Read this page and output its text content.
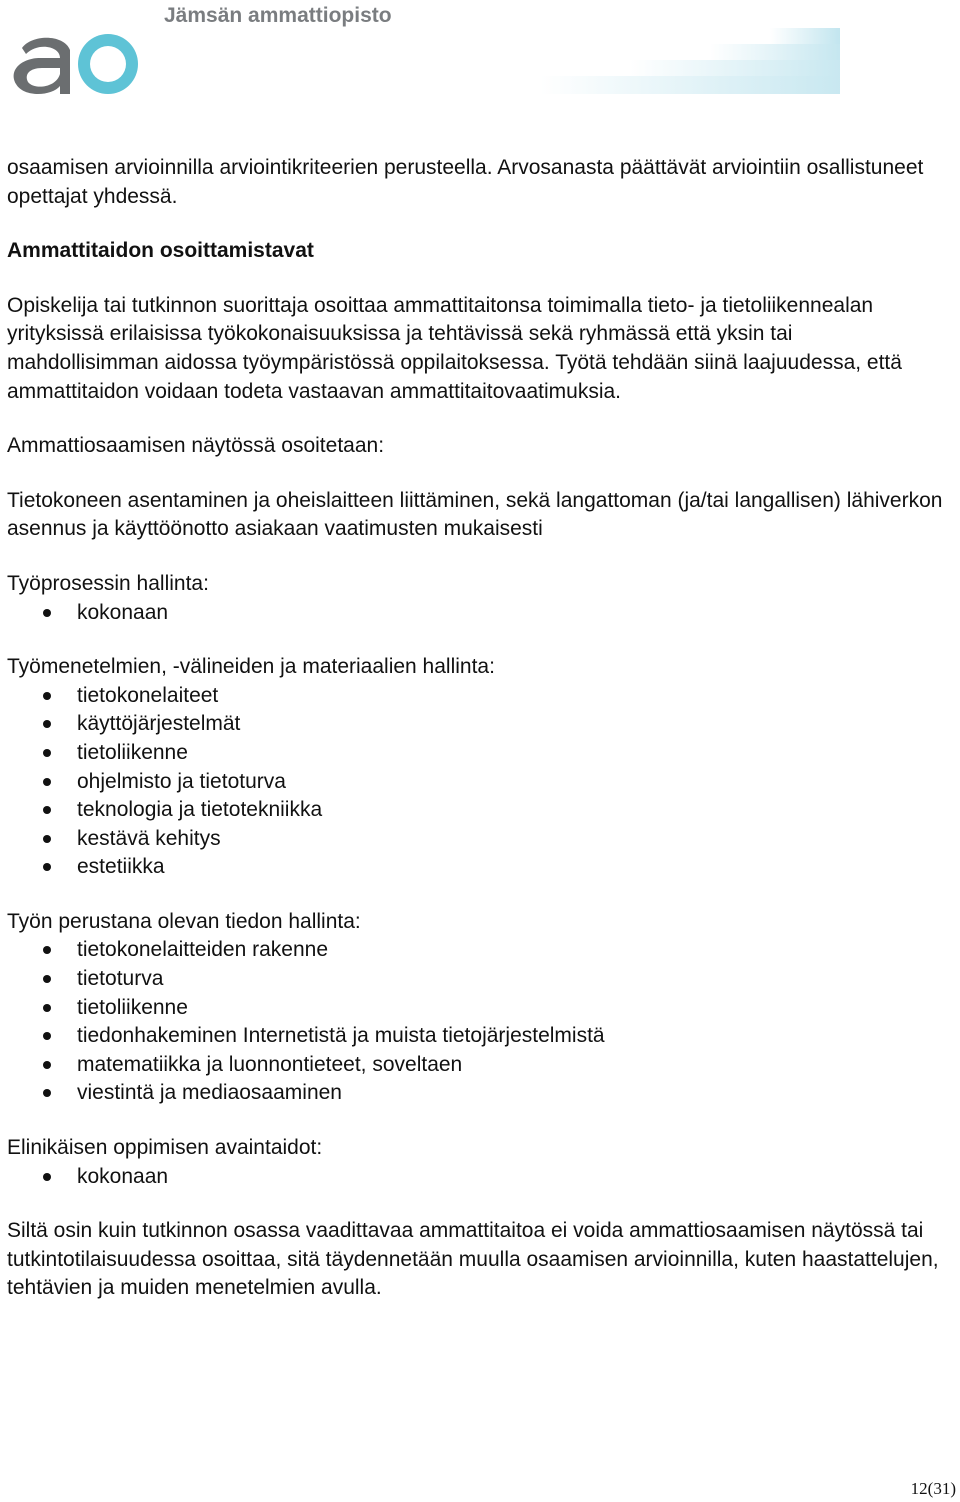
Jämsän ammattiopisto

osaamisen arvioinnilla arviointikriteerien perusteella. Arvosanasta päättävät arviointiin osallistuneet opettajat yhdessä.

Ammattitaidon osoittamistavat

Opiskelija tai tutkinnon suorittaja osoittaa ammattitaitonsa toimimalla tieto- ja tietoliikennealan yrityksissä erilaisissa työkokonaisuuksissa ja tehtävissä sekä ryhmässä että yksin tai mahdollisimman aidossa työympäristössä oppilaitoksessa. Työtä tehdään siinä laajuudessa, että ammattitaidon voidaan todeta vastaavan ammattitaitovaatimuksia.

Ammattiosaamisen näytössä osoitetaan:

Tietokoneen asentaminen ja oheislaitteen liittäminen, sekä langattoman (ja/tai langallisen) lähiverkon asennus ja käyttöönotto asiakaan vaatimusten mukaisesti

Työprosessin hallinta:
kokonaan
Työmenetelmien, -välineiden ja materiaalien hallinta:
tietokonelaiteet
käyttöjärjestelmät
tietoliikenne
ohjelmisto ja tietoturva
teknologia ja tietotekniikka
kestävä kehitys
estetiikka
Työn perustana olevan tiedon hallinta:
tietokonelaitteiden rakenne
tietoturva
tietoliikenne
tiedonhakeminen Internetistä ja muista tietojärjestelmistä
matematiikka ja luonnontieteet, soveltaen
viestintä ja mediaosaaminen
Elinikäisen oppimisen avaintaidot:
kokonaan

Siltä osin kuin tutkinnon osassa vaadittavaa ammattitaitoa ei voida ammattiosaamisen näytössä tai tutkintotilaisuudessa osoittaa, sitä täydennetään muulla osaamisen arvioinnilla, kuten haastattelujen, tehtävien ja muiden menetelmien avulla.

12(31)
